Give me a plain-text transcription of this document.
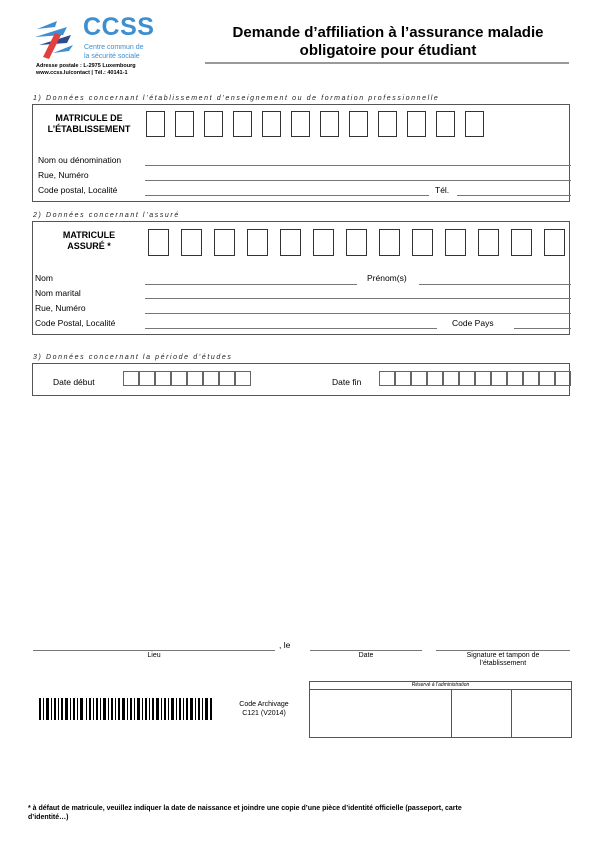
CCSS
Centre commun de
la sécurité sociale
Adresse postale : L-2975 Luxembourg
www.ccss.lu/contact | Tél.: 40141-1
Demande d’affiliation à l’assurance maladie
obligatoire pour étudiant
1) Données concernant l’établissement d’enseignement ou de formation professionnelle
MATRICULE DE
L’ÉTABLISSEMENT
Nom ou dénomination
Rue, Numéro
Code postal, Localité	Tél.
2) Données concernant l’assuré
MATRICULE
ASSURÉ *
Nom	Prénom(s)
Nom marital
Rue, Numéro
Code Postal, Localité	Code Pays
3) Données concernant la période d’études
Date début	Date fin
, le
Lieu	Date	Signature et tampon de
l’établissement
Code Archivage
C121 (V2014)
Réservé à l’administration
* à défaut de matricule, veuillez indiquer la date de naissance et joindre une copie d’une pièce d’identité officielle (passeport, carte
d’identité…)
